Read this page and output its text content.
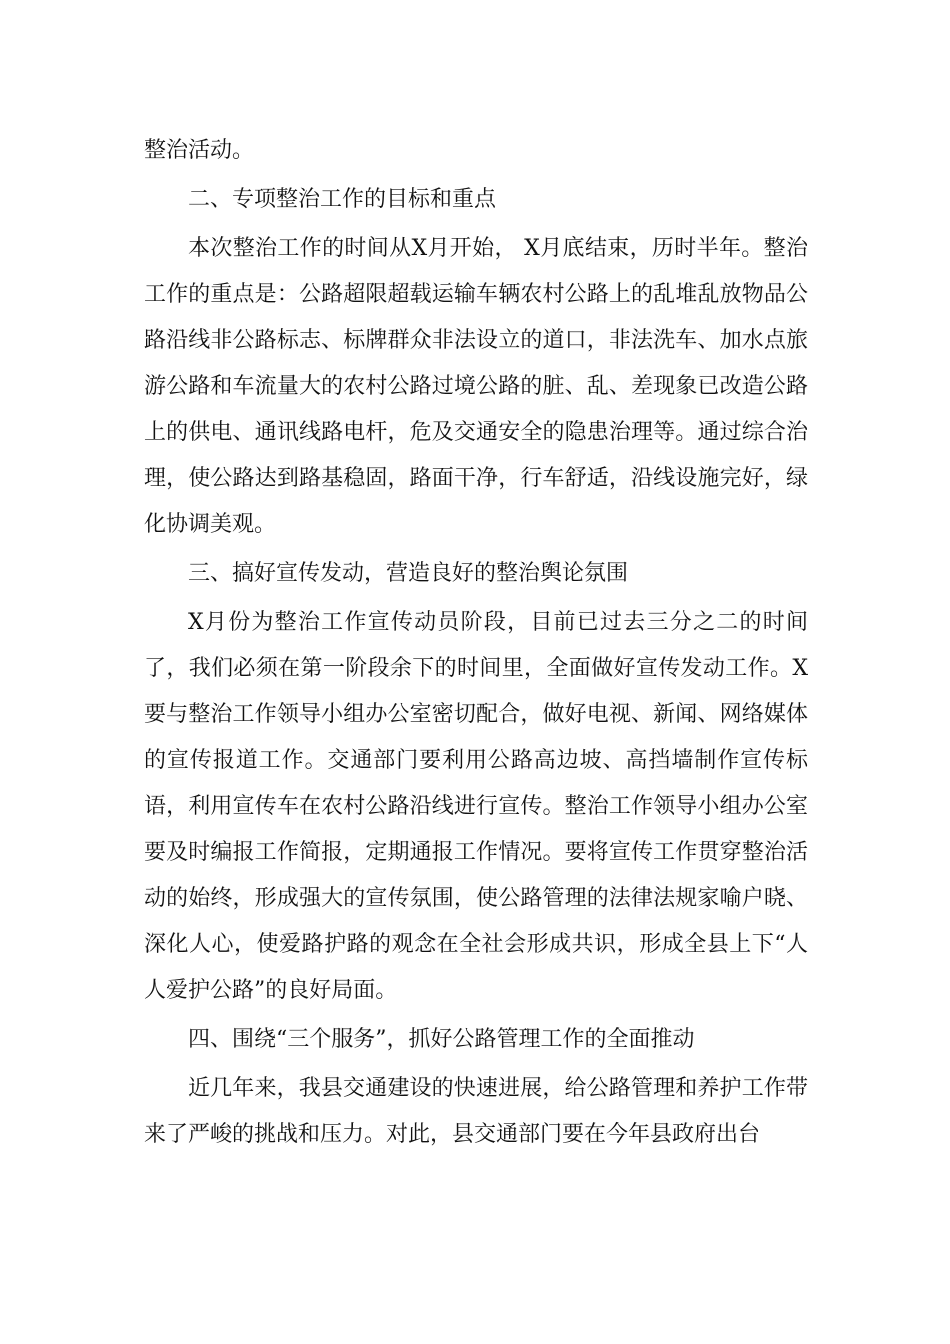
整治活动。

二、专项整治工作的目标和重点

本次整治工作的时间从X月开始， X月底结束，历时半年。整治工作的重点是：公路超限超载运输车辆农村公路上的乱堆乱放物品公路沿线非公路标志、标牌群众非法设立的道口，非法洗车、加水点旅游公路和车流量大的农村公路过境公路的脏、乱、差现象已改造公路上的供电、通讯线路电杆，危及交通安全的隐患治理等。通过综合治理，使公路达到路基稳固，路面干净，行车舒适，沿线设施完好，绿化协调美观。

三、搞好宣传发动，营造良好的整治舆论氛围

X月份为整治工作宣传动员阶段，目前已过去三分之二的时间了，我们必须在第一阶段余下的时间里，全面做好宣传发动工作。X要与整治工作领导小组办公室密切配合，做好电视、新闻、网络媒体的宣传报道工作。交通部门要利用公路高边坡、高挡墙制作宣传标语，利用宣传车在农村公路沿线进行宣传。整治工作领导小组办公室要及时编报工作简报，定期通报工作情况。要将宣传工作贯穿整治活动的始终，形成强大的宣传氛围，使公路管理的法律法规家喻户晓、深化人心，使爱路护路的观念在全社会形成共识，形成全县上下“人人爱护公路”的良好局面。

四、围绕“三个服务”，抓好公路管理工作的全面推动

近几年来，我县交通建设的快速进展，给公路管理和养护工作带来了严峻的挑战和压力。对此，县交通部门要在今年县政府出台
